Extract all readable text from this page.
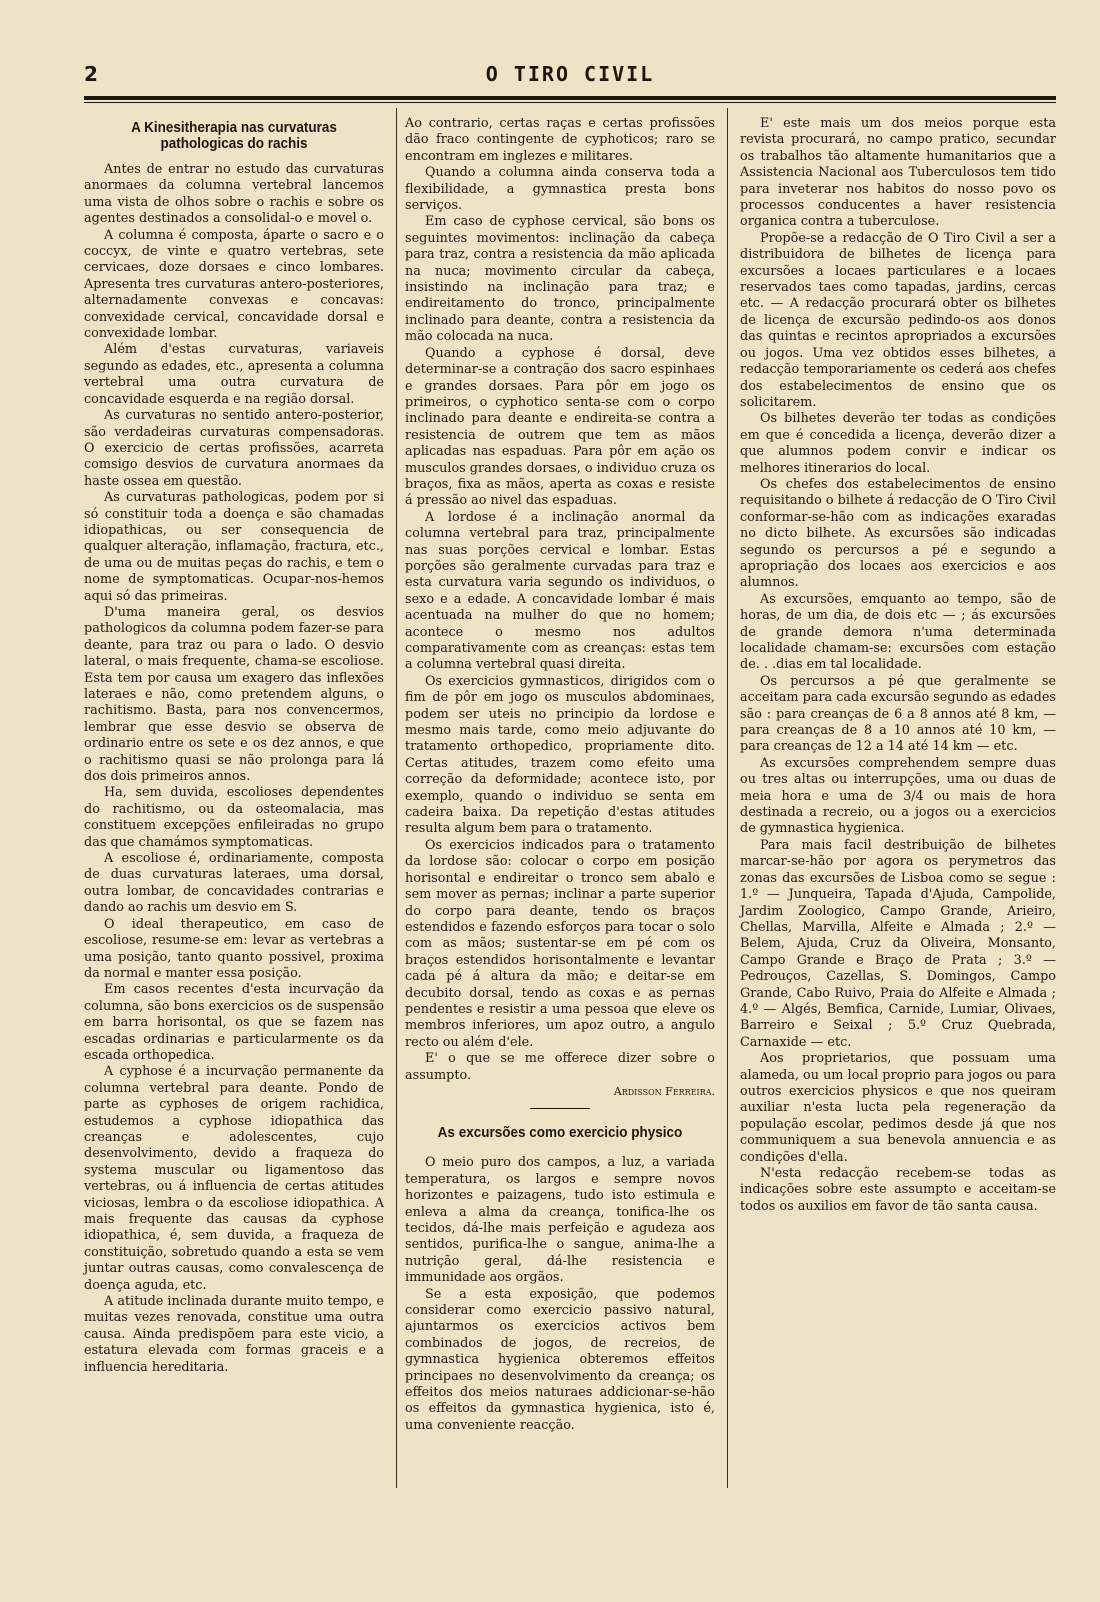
2	O TIRO CIVIL
A Kinesitherapia nas curvaturas pathologicas do rachis

Antes de entrar no estudo das curvaturas anormaes da columna vertebral lancemos uma vista de olhos sobre o rachis e sobre os agentes destinados a consolidal-o e movel o.

A columna é composta, áparte o sacro e o coccyx, de vinte e quatro vertebras, sete cervicaes, doze dorsaes e cinco lombares. Apresenta tres curvaturas antero-posteriores, alternadamente convexas e concavas: convexidade cervical, concavidade dorsal e convexidade lombar.

Além d'estas curvaturas, variaveis segundo as edades, etc., apresenta a columna vertebral uma outra curvatura de concavidade esquerda e na região dorsal.

As curvaturas no sentido antero-posterior, são verdadeiras curvaturas compensadoras. O exercicio de certas profissões, acarreta comsigo desvios de curvatura anormaes da haste ossea em questão.

As curvaturas pathologicas, podem por si só constituir toda a doença e são chamadas idiopathicas, ou ser consequencia de qualquer alteração, inflamação, fractura, etc., de uma ou de muitas peças do rachis, e tem o nome de symptomaticas. Ocupar-nos-hemos aqui só das primeiras.

D'uma maneira geral, os desvios pathologicos da columna podem fazer-se para deante, para traz ou para o lado. O desvio lateral, o mais frequente, chama-se escoliose. Esta tem por causa um exagero das inflexões lateraes e não, como pretendem alguns, o rachitismo. Basta, para nos convencermos, lembrar que esse desvio se observa de ordinario entre os sete e os dez annos, e que o rachitismo quasi se não prolonga para lá dos dois primeiros annos.

Ha, sem duvida, escolioses dependentes do rachitismo, ou da osteomalacia, mas constituem excepções enfileiradas no grupo das que chamámos symptomaticas.

A escoliose é, ordinariamente, composta de duas curvaturas lateraes, uma dorsal, outra lombar, de concavidades contrarias e dando ao rachis um desvio em S.

O ideal therapeutico, em caso de escoliose, resume-se em: levar as vertebras a uma posição, tanto quanto possivel, proxima da normal e manter essa posição.

Em casos recentes d'esta incurvação da columna, são bons exercicios os de suspensão em barra horisontal, os que se fazem nas escadas ordinarias e particularmente os da escada orthopedica.

A cyphose é a incurvação permanente da columna vertebral para deante. Pondo de parte as cyphoses de origem rachidica, estudemos a cyphose idiopathica das creanças e adolescentes, cujo desenvolvimento, devido a fraqueza do systema muscular ou ligamentoso das vertebras, ou á influencia de certas atitudes viciosas, lembra o da escoliose idiopathica. A mais frequente das causas da cyphose idiopathica, é, sem duvida, a fraqueza de constituição, sobretudo quando a esta se vem juntar outras causas, como convalescença de doença aguda, etc.

A atitude inclinada durante muito tempo, e muitas vezes renovada, constitue uma outra causa. Ainda predispõem para este vicio, a estatura elevada com formas graceis e a influencia hereditaria.

Ao contrario, certas raças e certas profissões dão fraco contingente de cyphoticos; raro se encontram em inglezes e militares.

Quando a columna ainda conserva toda a flexibilidade, a gymnastica presta bons serviços.

Em caso de cyphose cervical, são bons os seguintes movimentos: inclinação da cabeça para traz, contra a resistencia da mão aplicada na nuca; movimento circular da cabeça, insistindo na inclinação para traz; e endireitamento do tronco, principalmente inclinado para deante, contra a resistencia da mão colocada na nuca.

Quando a cyphose é dorsal, deve determinar-se a contração dos sacro espinhaes e grandes dorsaes. Para pôr em jogo os primeiros, o cyphotico senta-se com o corpo inclinado para deante e endireita-se contra a resistencia de outrem que tem as mãos aplicadas nas espaduas. Para pôr em ação os musculos grandes dorsaes, o individuo cruza os braços, fixa as mãos, aperta as coxas e resiste á pressão ao nivel das espaduas.

A lordose é a inclinação anormal da columna vertebral para traz, principalmente nas suas porções cervical e lombar. Estas porções são geralmente curvadas para traz e esta curvatura varia segundo os individuos, o sexo e a edade. A concavidade lombar é mais acentuada na mulher do que no homem; acontece o mesmo nos adultos comparativamente com as creanças: estas tem a columna vertebral quasi direita.

Os exercicios gymnasticos, dirigidos com o fim de pôr em jogo os musculos abdominaes, podem ser uteis no principio da lordose e mesmo mais tarde, como meio adjuvante do tratamento orthopedico, propriamente dito. Certas atitudes, trazem como efeito uma correção da deformidade; acontece isto, por exemplo, quando o individuo se senta em cadeira baixa. Da repetição d'estas atitudes resulta algum bem para o tratamento.

Os exercicios indicados para o tratamento da lordose são: colocar o corpo em posição horisontal e endireitar o tronco sem abalo e sem mover as pernas; inclinar a parte superior do corpo para deante, tendo os braços estendidos e fazendo esforços para tocar o solo com as mãos; sustentar-se em pé com os braços estendidos horisontalmente e levantar cada pé á altura da mão; e deitar-se em decubito dorsal, tendo as coxas e as pernas pendentes e resistir a uma pessoa que eleve os membros inferiores, um apoz outro, a angulo recto ou além d'ele.

E' o que se me offerece dizer sobre o assumpto.

Ardisson Ferreira.

As excursões como exercicio physico

O meio puro dos campos, a luz, a variada temperatura, os largos e sempre novos horizontes e paizagens, tudo isto estimula e enleva a alma da creança, tonifica-lhe os tecidos, dá-lhe mais perfeição e agudeza aos sentidos, purifica-lhe o sangue, anima-lhe a nutrição geral, dá-lhe resistencia e immunidade aos orgãos.

Se a esta exposição, que podemos considerar como exercicio passivo natural, ajuntarmos os exercicios activos bem combinados de jogos, de recreios, de gymnastica hygienica obteremos effeitos principaes no desenvolvimento da creança; os effeitos dos meios naturaes addicionar-se-hão os effeitos da gymnastica hygienica, isto é, uma conveniente reacção.

E' este mais um dos meios porque esta revista procurará, no campo pratico, secundar os trabalhos tão altamente humanitarios que a Assistencia Nacional aos Tuberculosos tem tido para inveterar nos habitos do nosso povo os processos conducentes a haver resistencia organica contra a tuberculose.

Propõe-se a redacção de O Tiro Civil a ser a distribuidora de bilhetes de licença para excursões a locaes particulares e a locaes reservados taes como tapadas, jardins, cercas etc. — A redacção procurará obter os bilhetes de licença de excursão pedindo-os aos donos das quintas e recintos apropriados a excursões ou jogos. Uma vez obtidos esses bilhetes, a redacção temporariamente os cederá aos chefes dos estabelecimentos de ensino que os solicitarem.

Os bilhetes deverão ter todas as condições em que é concedida a licença, deverão dizer a que alumnos podem convir e indicar os melhores itinerarios do local.

Os chefes dos estabelecimentos de ensino requisitando o bilhete á redacção de O Tiro Civil conformar-se-hão com as indicações exaradas no dicto bilhete. As excursões são indicadas segundo os percursos a pé e segundo a apropriação dos locaes aos exercicios e aos alumnos.

As excursões, emquanto ao tempo, são de horas, de um dia, de dois etc — ; ás excursões de grande demora n'uma determinada localidade chamam-se: excursões com estação de. . .dias em tal localidade.

Os percursos a pé que geralmente se acceitam para cada excursão segundo as edades são : para creanças de 6 a 8 annos até 8 km, — para creanças de 8 a 10 annos até 10 km, — para creanças de 12 a 14 até 14 km — etc.

As excursões comprehendem sempre duas ou tres altas ou interrupções, uma ou duas de meia hora e uma de 3/4 ou mais de hora destinada a recreio, ou a jogos ou a exercicios de gymnastica hygienica.

Para mais facil destribuição de bilhetes marcar-se-hão por agora os perymetros das zonas das excursões de Lisboa como se segue : 1.º — Junqueira, Tapada d'Ajuda, Campolide, Jardim Zoologico, Campo Grande, Arieiro, Chellas, Marvilla, Alfeite e Almada ; 2.º — Belem, Ajuda, Cruz da Oliveira, Monsanto, Campo Grande e Braço de Prata ; 3.º — Pedrouços, Cazellas, S. Domingos, Campo Grande, Cabo Ruivo, Praia do Alfeite e Almada ; 4.º — Algés, Bemfica, Carnide, Lumiar, Olivaes, Barreiro e Seixal ; 5.º Cruz Quebrada, Carnaxide — etc.

Aos proprietarios, que possuam uma alameda, ou um local proprio para jogos ou para outros exercicios physicos e que nos queiram auxiliar n'esta lucta pela regeneração da população escolar, pedimos desde já que nos communiquem a sua benevola annuencia e as condições d'ella.

N'esta redacção recebem-se todas as indicações sobre este assumpto e acceitam-se todos os auxilios em favor de tão santa causa.
